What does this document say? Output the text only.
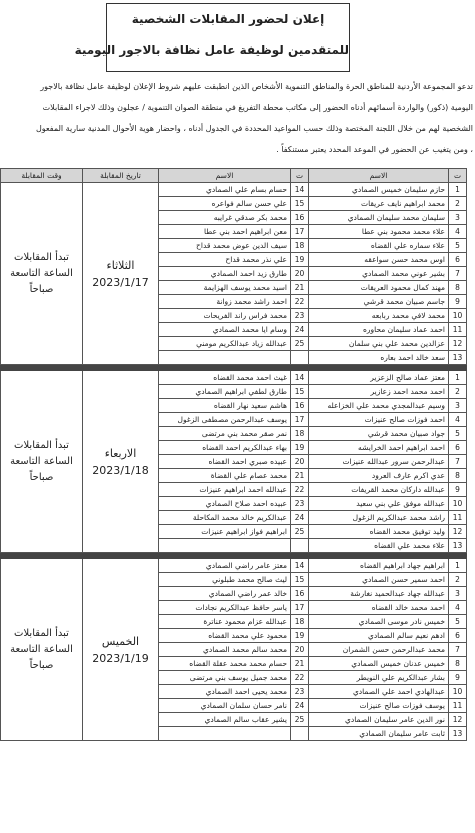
إعلان لحضور المقابلات الشخصية
للمتقدمين لوظيفة عامل نظافة بالاجور اليومية
تدعو المجموعة الأردنية للمناطق الحرة والمناطق التنموية الأشخاص الذين انطبقت عليهم شروط الإعلان لوظيفة عامل نظافة بالاجور
اليومية (ذكور) والواردة أسمائهم أدناه الحضور إلى مكاتب محطة التفريغ في منطقة الصوان التنموية / عجلون وذلك لاجراء المقابلات
الشخصية لهم من خلال اللجنة المختصة وذلك حسب المواعيد المحددة في الجدول أدناه ، واحضار هوية الأحوال المدنية سارية المفعول
، ومن يتغيب عن الحضور في الموعد المحدد يعتبر مستنكفاً .
ت	الاسم	ت	الاسم	تاريخ المقابلة	وقت المقابلة
1	حازم سليمان خميس الصمادي	14	حسام بسام علي الصمادي	الثلاثاء
2023/1/17	تبدأ المقابلات الساعة التاسعة صباحاً
2	محمد ابراهيم نايف عريقات	15	علي حسن سالم فواعره		
3	سليمان محمد سليمان الصمادي	16	محمد بكر صدقي غرايبه		
4	علاء محمد محمود بني عطا	17	معن ابراهيم احمد بني عطا		
5	علاء سماره علي القضاه	18	سيف الدين عوض محمد قداح		
6	اوس محمد حسن سواعقه	19	علي نذر محمد قداح		
7	بشير عوني محمد الصمادي	20	طارق زيد احمد الصمادي		
8	مهند كمال محمود العريقات	21	اسيد محمد يوسف الهزايمة		
9	جاسم صبيان محمد قرشي	22	احمد راشد محمد زوانة		
10	محمد لافي محمد ربابعه	23	محمد فراس راند الفريحات		
11	احمد عماد سليمان محاوره	24	وسام ايا محمد الصمادي		
12	عزالدين محمد علي بني سلمان	25	عبدالله زياد عبدالكريم مومني		
13	سعد خالد احمد بعاره				

1	معتز عماد صالح الزعزير	14	غيث احمد محمد القضاه	الاربعاء
2023/1/18	تبدأ المقابلات الساعة التاسعة صباحاً
2	احمد محمد احمد زعازير	15	طارق لطفي ابراهيم الصمادي		
3	وسيم عبدالمجدي محمد علي الخزاعله	16	هاشم سعيد نهار القضاه		
4	احمد فوزات صالح عنيزات	17	يوسف عبدالرحمن مصطفى الزغول		
5	جواد صبيان محمد قرشي	18	نمر صقر محمد بني مرتضى		
6	احمد ابراهيم احمد الخرايشه	19	بهاء عبدالكريم احمد القضاه		
7	عبدالرحمن سرور عبدالله عنيزات	20	عبيده صبري احمد القضاه		
8	عدي اكرم عارف العرود	21	محمد عصام علي القضاة		
9	عبدالله داركان محمد القريفات	22	عبدالله احمد ابراهيم عنيزات		
10	عبدالله موفق علي بني سعيد	23	عبيده احمد صلاح الصمادي		
11	راشد محمد عبدالكريم الزغول	24	عبدالكريم خالد محمد المكاحلة		
12	وليد توفيق محمد القضاه	25	ابراهيم فواز ابراهيم عنيزات		
13	علاء محمد علي القضاه				

1	ابراهيم جهاد ابراهيم القضاه	14	معتز عامر راضي الصمادي	الخميس
2023/1/19	تبدأ المقابلات الساعة التاسعة صباحاً
2	احمد سمير حسن الصمادي	15	ليث صالح محمد طبلوني		
3	عبدالله جهاد عبدالحميد نغارشة	16	خالد عمر راضي الصمادي		
4	احمد محمد خالد القضاه	17	ياسر حافظ عبدالكريم نجادات		
5	خميس نادر موسى الصمادي	18	عبدالله عزام محمود عناترة		
6	ادهم نعيم سالم الصمادي	19	محمود علي محمد القضاه		
7	محمد عبدالرحمن حسن الشمران	20	محمد سالم محمد الصمادي		
8	خميس عدنان خميس الصمادي	21	حسام محمد محمد عقلة القضاه		
9	بشار عبدالكريم علي النويطر	22	محمد جميل يوسف بني مرتضى		
10	عبدالهادي احمد علي الصمادي	23	محمد يحيى احمد الصمادي		
11	يوسف فوزات صالح عنيزات	24	نامر حسان سلمان الصمادي		
12	نور الدين عامر سليمان الصمادي	25	يشير عقاب سالم الصمادي		
13	ثابت عامر سليمان الصمادي				
